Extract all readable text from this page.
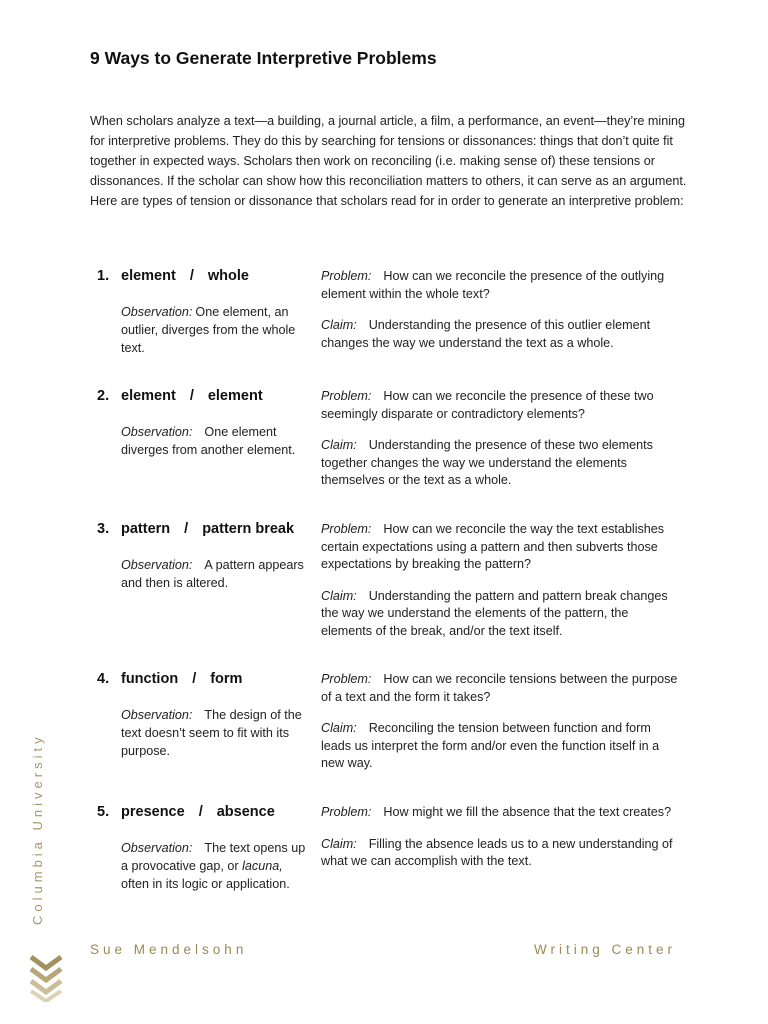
9 Ways to Generate Interpretive Problems
When scholars analyze a text—a building, a journal article, a film, a performance, an event—they’re mining for interpretive problems. They do this by searching for tensions or dissonances: things that don’t quite fit together in expected ways. Scholars then work on reconciling (i.e. making sense of) these tensions or dissonances. If the scholar can show how this reconciliation matters to others, it can serve as an argument. Here are types of tension or dissonance that scholars read for in order to generate an interpretive problem:
1. element / whole
Observation: One element, an outlier, diverges from the whole text.
Problem: How can we reconcile the presence of the outlying element within the whole text?
Claim: Understanding the presence of this outlier element changes the way we understand the text as a whole.
2. element / element
Observation: One element diverges from another element.
Problem: How can we reconcile the presence of these two seemingly disparate or contradictory elements?
Claim: Understanding the presence of these two elements together changes the way we understand the elements themselves or the text as a whole.
3. pattern / pattern break
Observation: A pattern appears and then is altered.
Problem: How can we reconcile the way the text establishes certain expectations using a pattern and then subverts those expectations by breaking the pattern?
Claim: Understanding the pattern and pattern break changes the way we understand the elements of the pattern, the elements of the break, and/or the text itself.
4. function / form
Observation: The design of the text doesn’t seem to fit with its purpose.
Problem: How can we reconcile tensions between the purpose of a text and the form it takes?
Claim: Reconciling the tension between function and form leads us interpret the form and/or even the function itself in a new way.
5. presence / absence
Observation: The text opens up a provocative gap, or lacuna, often in its logic or application.
Problem: How might we fill the absence that the text creates?
Claim: Filling the absence leads us to a new understanding of what we can accomplish with the text.
Columbia University
Sue Mendelsohn	Writing Center
